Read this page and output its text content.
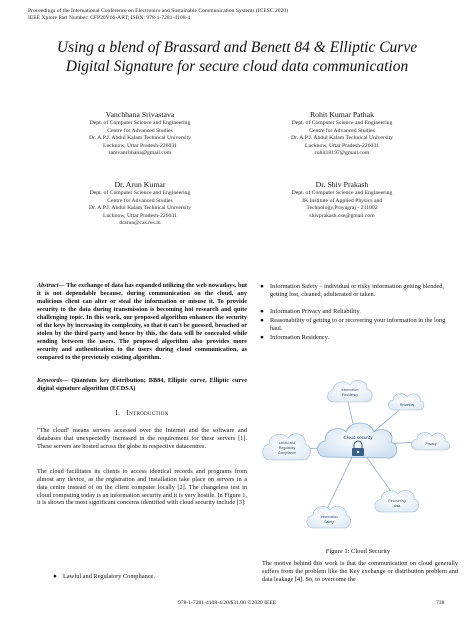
Proceedings of the International Conference on Electronics and Sustainable Communication Systems (ICESC 2020)
IEEE Xplore Part Number: CFP20V66-ART; ISBN: 978-1-7281-4108-4
Using a blend of Brassard and Benett 84 & Elliptic Curve
Digital Signature for secure cloud data communication
Vanchhana Srivastava
Dept. of Computer Science and Engineering
Centre for Advanced Studies
Dr. A.P.J. Abdul Kalam Technical University
Lucknow, Uttar Pradesh-226031
iamvanchhana@gmail.com
Rohit Kumar Pathak
Dept. of Computer Science and Engineering
Centre for Advanced Studies
Dr. A.P.J. Abdul Kalam Technical University
Lucknow, Uttar Pradesh-226031
rohit18197@gmail.com
Dr. Arun Kumar
Dept. of Computer Science and Engineering
Centre for Advanced Studies
Dr. A.P.J. Abdul Kalam Technical University
Lucknow, Uttar Pradesh-226031
drarun@cas.res.in
Dr. Shiv Prakash
Dept. of Computer Science and Engineering
JK Institute of Applied Physics and
Technology,Prayagraj - 211002
shivprakash.cse@gmail.com
Abstract— The exchange of data has expanded utilizing the web nowadays, but it is not dependable because, during communication on the cloud, any malicious client can alter or steal the information or misuse it. To provide security to the data during transmission is becoming hot research and quite challenging topic. In this work, our proposed algorithm enhances the security of the keys by increasing its complexity, so that it can't be guessed, breached or stolen by the third party and hence by this, the data will be concealed while sending between the users. The proposed algorithm also provides more security and authentication to the users during cloud communication, as compared to the previously existing algorithm.
Keywords— Quantum key distribution; BB84, Elliptic curve, Elliptic curve digital signature algorithm (ECDSA)
I. Introduction
"The cloud" means servers accessed over the Internet and the software and databases that unexpectedly increased in the requirement for these servers [1]. These servers are hosted across the globe in respective datacentres.
The cloud facilitates its clients to access identical records and programs from almost any device, as the registration and installation take place on servers in a data centre instead of on the client computer locally [2]. The changeless test in cloud computing today is an information security and it is very hostile. In Figure 1, it is shown the most significant concerns identified with cloud security include [3]:
● Lawful and Regulatory Compliance.
● Information Safety – individual or risky information getting blended, getting lost, cleaned, adulterated or taken.
● Information Privacy and Reliability.
● Reasonability of getting to or recovering your information in the long haul.
● Information Residency.
Cloud security
Information
Residency
Reliability
Privacy
Recovering
data
Information
Safety
Lawful and
Regulatory
Compliance
Figure 1: Cloud Security
The motive behind this work is that the communication on cloud generally suffers from the problem like the Key exchange or distribution problem and data leakage [4]. So, to overcome the
978-1-7281-4108-4/20/$31.00 ©2020 IEEE	738
